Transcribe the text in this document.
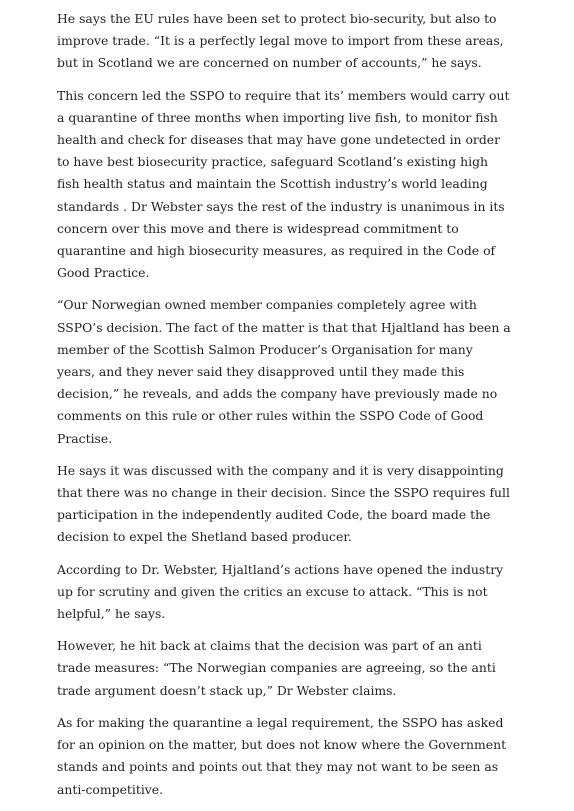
He says the EU rules have been set to protect bio-security, but also to improve trade. “It is a perfectly legal move to import from these areas, but in Scotland we are concerned on number of accounts,” he says.

This concern led the SSPO to require that its’ members would carry out a quarantine of three months when importing live fish, to monitor fish health and check for diseases that may have gone undetected in order to have best biosecurity practice, safeguard Scotland’s existing high fish health status and maintain the Scottish industry’s world leading standards . Dr Webster says the rest of the industry is unanimous in its concern over this move and there is widespread commitment to quarantine and high biosecurity measures, as required in the Code of Good Practice.

“Our Norwegian owned member companies completely agree with SSPO’s decision. The fact of the matter is that that Hjaltland has been a member of the Scottish Salmon Producer’s Organisation for many years, and they never said they disapproved until they made this decision,” he reveals, and adds the company have previously made no comments on this rule or other rules within the SSPO Code of Good Practise.

He says it was discussed with the company and it is very disappointing that there was no change in their decision. Since the SSPO requires full participation in the independently audited Code, the board made the decision to expel the Shetland based producer.

According to Dr. Webster, Hjaltland’s actions have opened the industry up for scrutiny and given the critics an excuse to attack. “This is not helpful,” he says.

However, he hit back at claims that the decision was part of an anti trade measures: “The Norwegian companies are agreeing, so the anti trade argument doesn’t stack up,” Dr Webster claims.

As for making the quarantine a legal requirement, the SSPO has asked for an opinion on the matter, but does not know where the Government stands and points and points out that they may not want to be seen as anti-competitive.
